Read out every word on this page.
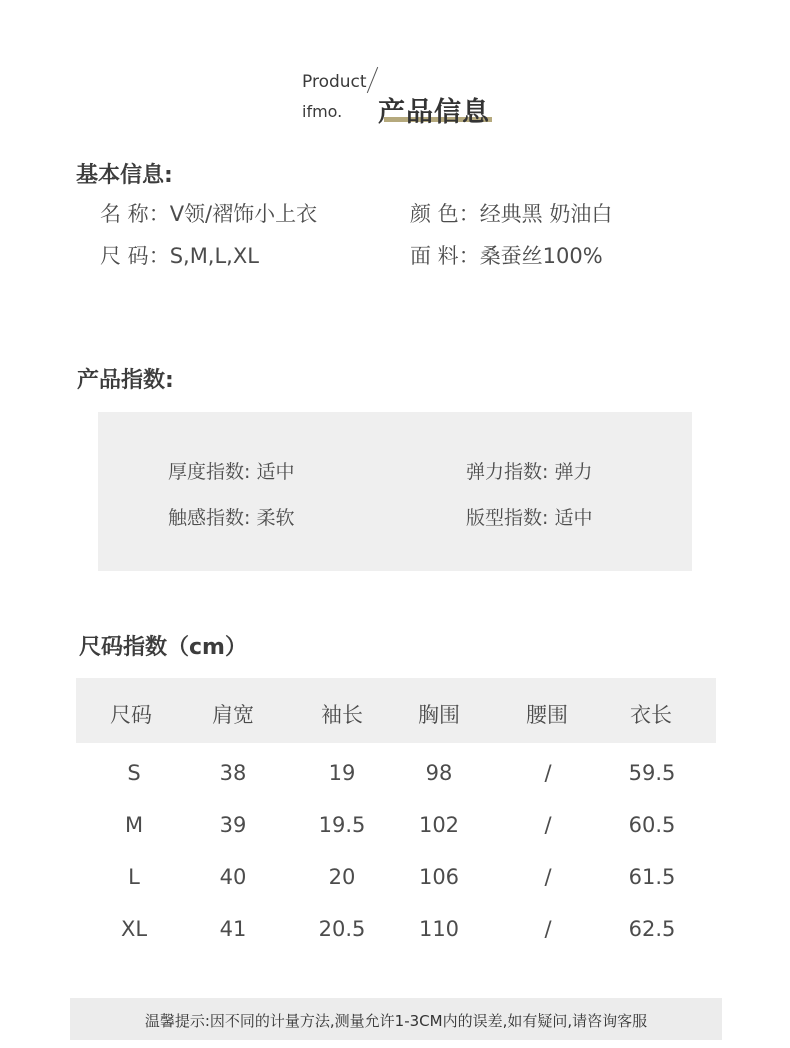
Product
ifmo. 产品信息
基本信息:
名 称：V领/褶饰小上衣	颜 色：经典黑 奶油白
尺 码：S,M,L,XL	面 料：桑蚕丝100%
产品指数:
厚度指数: 适中	弹力指数: 弹力
触感指数: 柔软	版型指数: 适中
尺码指数（cm）
尺码	肩宽	袖长	胸围	腰围	衣长
S	38	19	98	/	59.5
M	39	19.5	102	/	60.5
L	40	20	106	/	61.5
XL	41	20.5	110	/	62.5
温馨提示:因不同的计量方法,测量允许1-3CM内的误差,如有疑问,请咨询客服
